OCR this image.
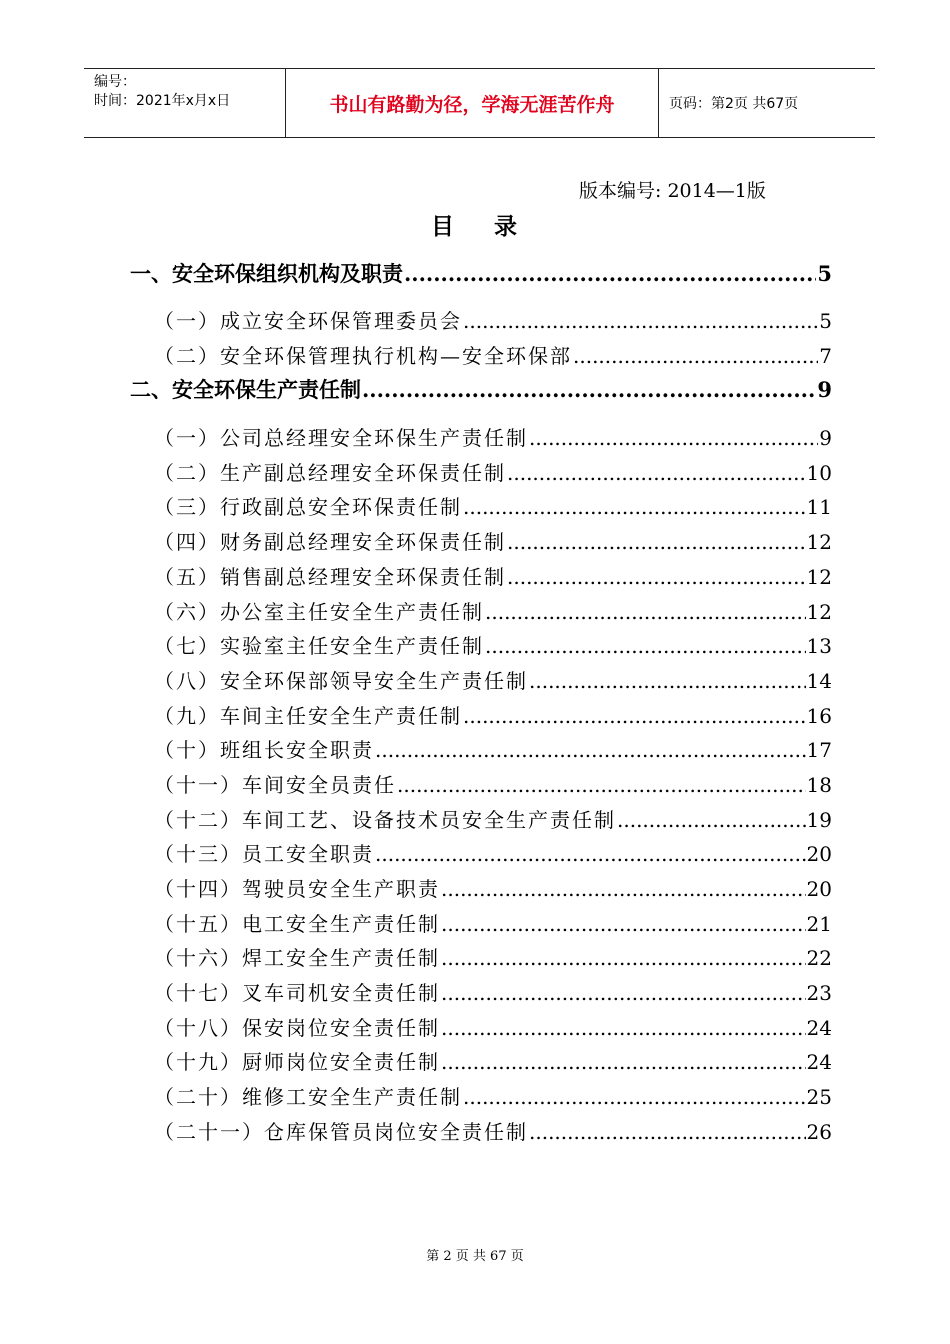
编号：
时间：2021年x月x日	书山有路勤为径，学海无涯苦作舟	页码：第2页 共67页
版本编号: 2014—1版
目录
一、安全环保组织机构及职责 .....	5
（一）成立安全环保管理委员会 .....	5
（二）安全环保管理执行机构—安全环保部 .....	7
二、安全环保生产责任制 .....	9
（一）公司总经理安全环保生产责任制 .....	9
（二）生产副总经理安全环保责任制 .....	10
（三）行政副总安全环保责任制 .....	11
（四）财务副总经理安全环保责任制 .....	12
（五）销售副总经理安全环保责任制 .....	12
（六）办公室主任安全生产责任制 .....	12
（七）实验室主任安全生产责任制 .....	13
（八）安全环保部领导安全生产责任制 .....	14
（九）车间主任安全生产责任制 .....	16
（十）班组长安全职责 .....	17
（十一）车间安全员责任 .....	18
（十二）车间工艺、设备技术员安全生产责任制 .....	19
（十三）员工安全职责 .....	20
（十四）驾驶员安全生产职责 .....	20
（十五）电工安全生产责任制 .....	21
（十六）焊工安全生产责任制 .....	22
（十七）叉车司机安全责任制 .....	23
（十八）保安岗位安全责任制 .....	24
（十九）厨师岗位安全责任制 .....	24
（二十）维修工安全生产责任制 .....	25
（二十一）仓库保管员岗位安全责任制 .....	26
第 2 页 共 67 页
